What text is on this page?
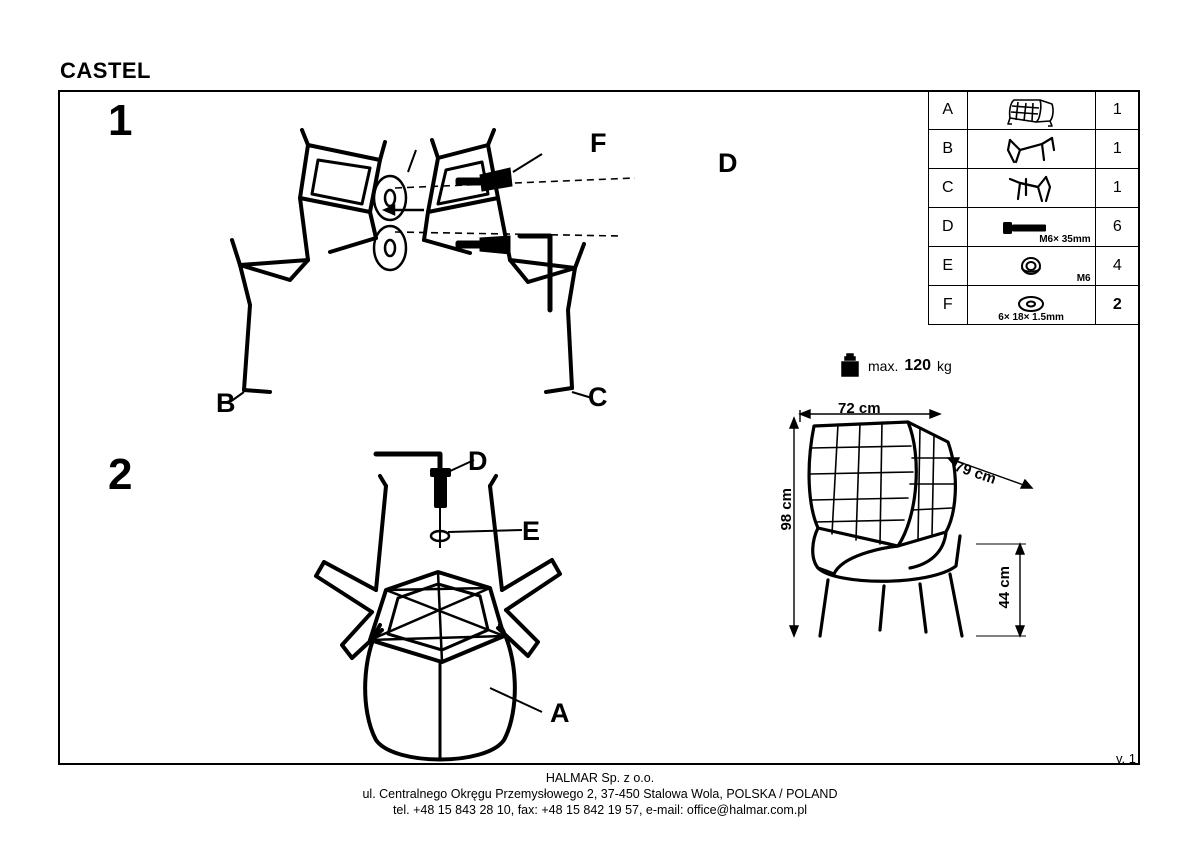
CASTEL
1
2
F
D
B	C
D
E
A
A		1
B		1
C		1
D	M6× 35mm	6
E	M6	4
F	6× 18× 1.5mm	2
max. 120 kg
72 cm
79 cm
98 cm
44 cm
v. 1
HALMAR Sp. z o.o.
ul. Centralnego Okręgu Przemysłowego 2, 37-450 Stalowa Wola, POLSKA / POLAND
tel. +48 15 843 28 10, fax: +48 15 842 19 57, e-mail: office@halmar.com.pl
